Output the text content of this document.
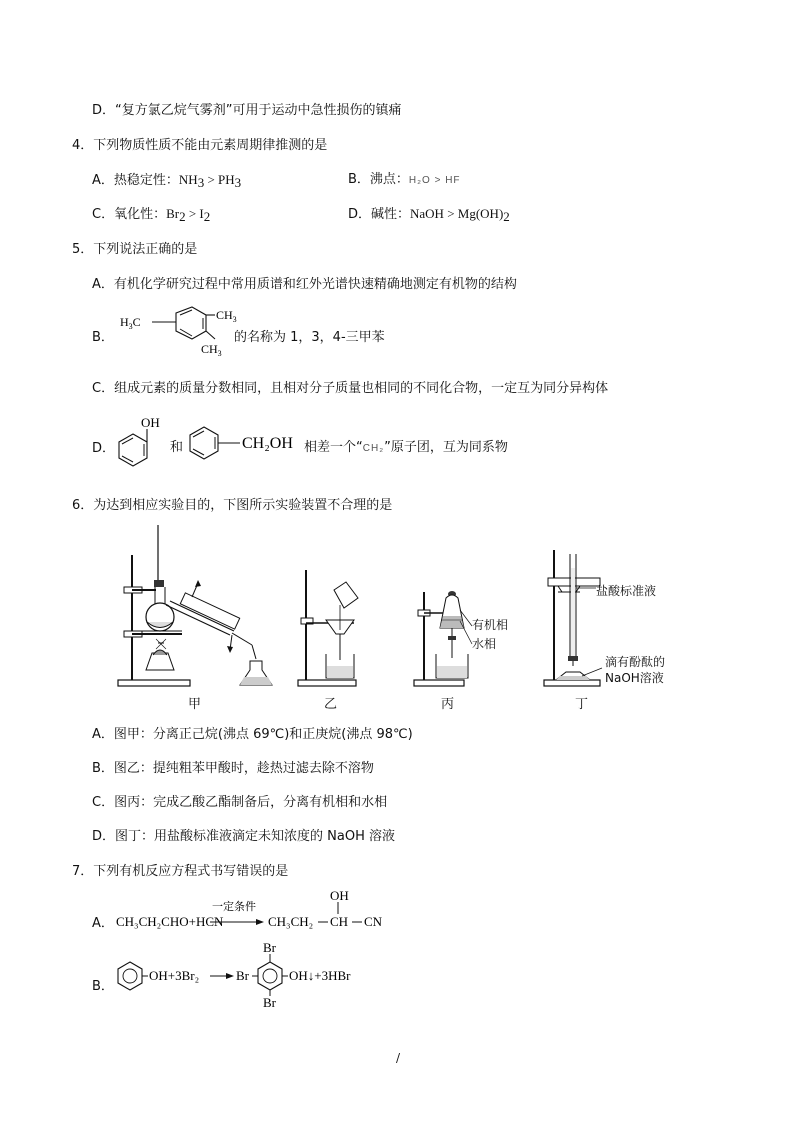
D．“复方氯乙烷气雾剂”可用于运动中急性损伤的镇痛
4．下列物质性质不能由元素周期律推测的是
A．热稳定性：$NH_3 > PH_3$	B．沸点：H₂O > HF
C．氧化性：$Br_2 > I_2$	D．碱性：NaOH > $Mg(OH)_2$
5．下列说法正确的是
A．有机化学研究过程中常用质谱和红外光谱快速精确地测定有机物的结构
B．
$H_3C$	$CH_3$
$CH_3$
的名称为 1，3，4-三甲苯
C．组成元素的质量分数相同，且相对分子质量也相同的不同化合物，一定互为同分异构体
D．
OH
和	CH₂OH 相差一个“CH₂”原子团，互为同系物
6．为达到相应实验目的，下图所示实验装置不合理的是
有机相
水相
盐酸标准液
滴有酚酞的
NaOH溶液
甲	乙	丙	丁
A．图甲：分离正己烷(沸点 69℃)和正庚烷(沸点 98℃)
B．图乙：提纯粗苯甲酸时，趁热过滤去除不溶物
C．图丙：完成乙酸乙酯制备后，分离有机相和水相
D．图丁：用盐酸标准液滴定未知浓度的 NaOH 溶液
7．下列有机反应方程式书写错误的是
A． CH₃CH₂CHO+HCN
一定条件
CH₃CH₂ CH
OH
CN
B．
OH+3Br₂	Br
Br
Br
OH↓+3HBr
/
